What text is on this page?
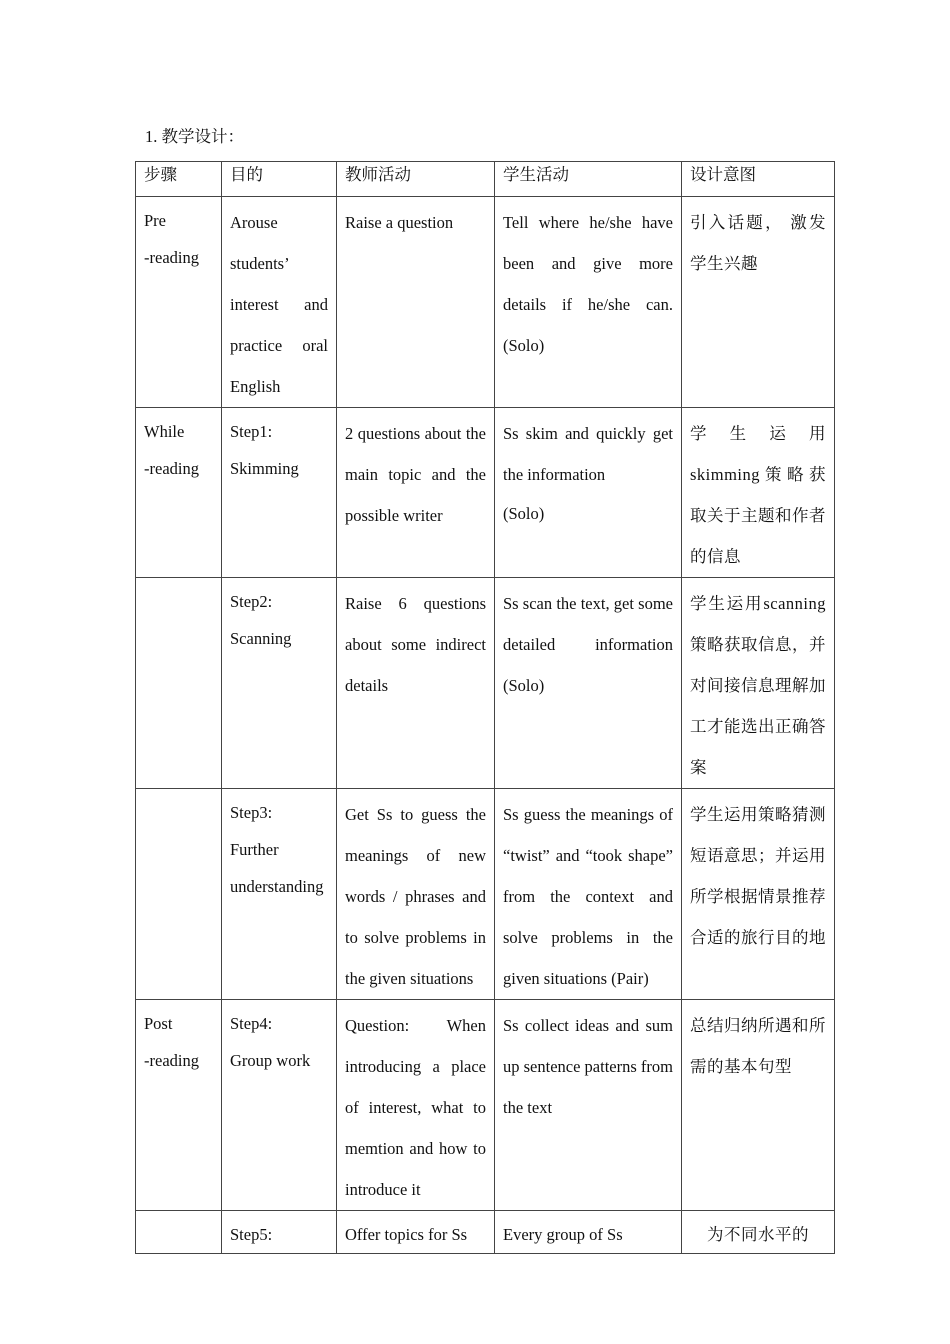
1. 教学设计：
步骤	目的	教师活动	学生活动	设计意图

Pre
-reading	Arouse students’ interest and practice oral English	Raise a question	Tell where he/she have been and give more details if he/she can. (Solo)	引入话题， 激发学生兴趣

While
-reading	Step1:
Skimming	2 questions about the main topic and the possible writer	Ss skim and quickly get the information
(Solo)	学生运用skimming策略获取关于主题和作者的信息

	Step2:
Scanning	Raise 6 questions about some indirect details	Ss scan the text, get some detailed information (Solo)	学生运用scanning策略获取信息，并对间接信息理解加工才能选出正确答案

	Step3:
Further
understanding	Get Ss to guess the meanings of new words / phrases and to solve problems in the given situations	Ss guess the meanings of “twist” and “took shape” from the context and solve problems in the given situations (Pair)	学生运用策略猜测短语意思；并运用所学根据情景推荐合适的旅行目的地

Post
-reading	Step4:
Group work	Question: When introducing a place of interest, what to memtion and how to introduce it	Ss collect ideas and sum up sentence patterns from the text	总结归纳所遇和所需的基本句型

	Step5:	Offer topics for Ss	Every group of Ss	为不同水平的
